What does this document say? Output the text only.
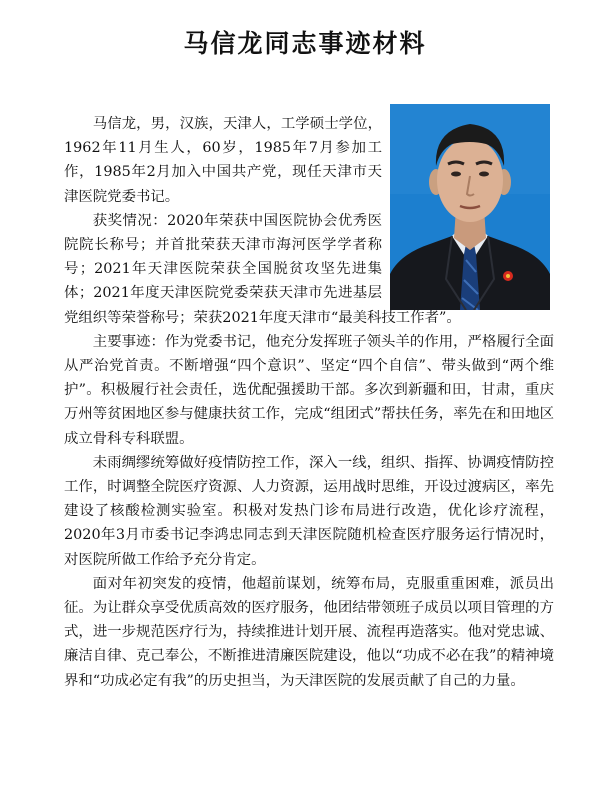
马信龙同志事迹材料

马信龙，男，汉族，天津人，工学硕士学位，1962年11月生人，60岁，1985年7月参加工作，1985年2月加入中国共产党，现任天津市天津医院党委书记。

获奖情况：2020年荣获中国医院协会优秀医院院长称号；并首批荣获天津市海河医学学者称号；2021年天津医院荣获全国脱贫攻坚先进集体；2021年度天津医院党委荣获天津市先进基层党组织等荣誉称号；荣获2021年度天津市“最美科技工作者”。

主要事迹：作为党委书记，他充分发挥班子领头羊的作用，严格履行全面从严治党首责。不断增强“四个意识”、坚定“四个自信”、带头做到“两个维护”。积极履行社会责任，选优配强援助干部。多次到新疆和田，甘肃，重庆万州等贫困地区参与健康扶贫工作，完成“组团式”帮扶任务，率先在和田地区成立骨科专科联盟。

未雨绸缪统筹做好疫情防控工作，深入一线，组织、指挥、协调疫情防控工作，时调整全院医疗资源、人力资源，运用战时思维，开设过渡病区，率先建设了核酸检测实验室。积极对发热门诊布局进行改造，优化诊疗流程，2020年3月市委书记李鸿忠同志到天津医院随机检查医疗服务运行情况时，对医院所做工作给予充分肯定。

面对年初突发的疫情，他超前谋划，统筹布局，克服重重困难，派员出征。为让群众享受优质高效的医疗服务，他团结带领班子成员以项目管理的方式，进一步规范医疗行为，持续推进计划开展、流程再造落实。他对党忠诚、廉洁自律、克己奉公，不断推进清廉医院建设，他以“功成不必在我”的精神境界和“功成必定有我”的历史担当，为天津医院的发展贡献了自己的力量。
